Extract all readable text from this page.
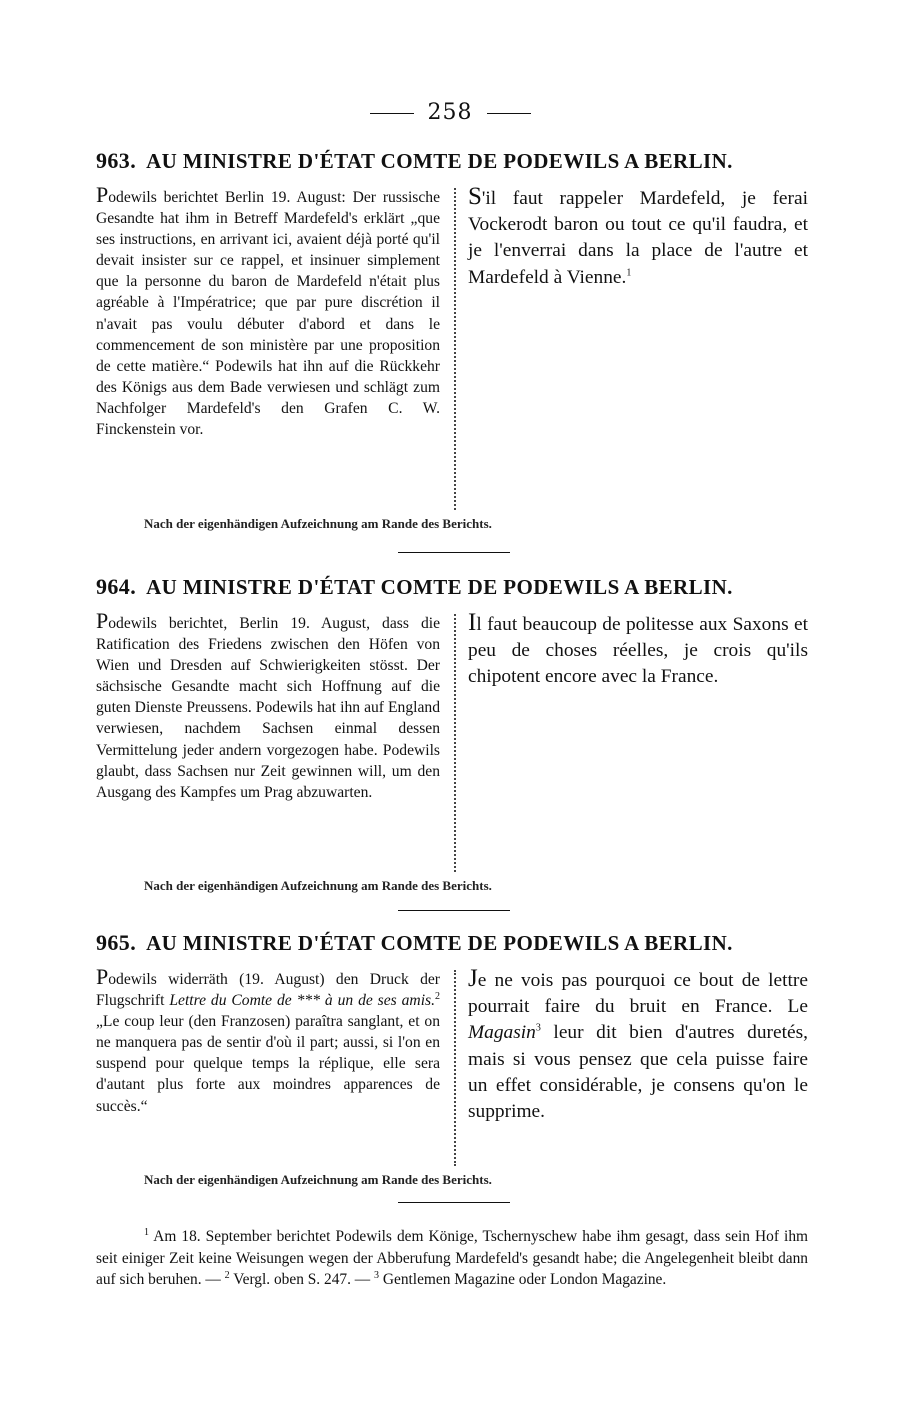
258
963. AU MINISTRE D'ÉTAT COMTE DE PODEWILS A BERLIN.
Podewils berichtet Berlin 19. August: Der russische Gesandte hat ihm in Betreff Mardefeld's erklärt „que ses instructions, en arrivant ici, avaient déjà porté qu'il devait insister sur ce rappel, et insinuer simplement que la personne du baron de Mardefeld n'était plus agréable à l'Impératrice; que par pure discrétion il n'avait pas voulu débuter d'abord et dans le commencement de son ministère par une proposition de cette matière.“ Podewils hat ihn auf die Rückkehr des Königs aus dem Bade verwiesen und schlägt zum Nachfolger Mardefeld's den Grafen C. W. Finckenstein vor.
S'il faut rappeler Mardefeld, je ferai Vockerodt baron ou tout ce qu'il faudra, et je l'enverrai dans la place de l'autre et Mardefeld à Vienne.$^1$
Nach der eigenhändigen Aufzeichnung am Rande des Berichts.
964. AU MINISTRE D'ÉTAT COMTE DE PODEWILS A BERLIN.
Podewils berichtet, Berlin 19. August, dass die Ratification des Friedens zwischen den Höfen von Wien und Dresden auf Schwierigkeiten stösst. Der sächsische Gesandte macht sich Hoffnung auf die guten Dienste Preussens. Podewils hat ihn auf England verwiesen, nachdem Sachsen einmal dessen Vermittelung jeder andern vorgezogen habe. Podewils glaubt, dass Sachsen nur Zeit gewinnen will, um den Ausgang des Kampfes um Prag abzuwarten.
Il faut beaucoup de politesse aux Saxons et peu de choses réelles, je crois qu'ils chipotent encore avec la France.
Nach der eigenhändigen Aufzeichnung am Rande des Berichts.
965. AU MINISTRE D'ÉTAT COMTE DE PODEWILS A BERLIN.
Podewils widerräth (19. August) den Druck der Flugschrift Lettre du Comte de *** à un de ses amis.$^2$ „Le coup leur (den Franzosen) paraîtra sanglant, et on ne manquera pas de sentir d'où il part; aussi, si l'on en suspend pour quelque temps la réplique, elle sera d'autant plus forte aux moindres apparences de succès.“
Je ne vois pas pourquoi ce bout de lettre pourrait faire du bruit en France. Le Magasin$^3$ leur dit bien d'autres duretés, mais si vous pensez que cela puisse faire un effet considérable, je consens qu'on le supprime.
Nach der eigenhändigen Aufzeichnung am Rande des Berichts.
$^1$ Am 18. September berichtet Podewils dem Könige, Tschernyschew habe ihm gesagt, dass sein Hof ihm seit einiger Zeit keine Weisungen wegen der Abberufung Mardefeld's gesandt habe; die Angelegenheit bleibt dann auf sich beruhen. — $^2$ Vergl. oben S. 247. — $^3$ Gentlemen Magazine oder London Magazine.
